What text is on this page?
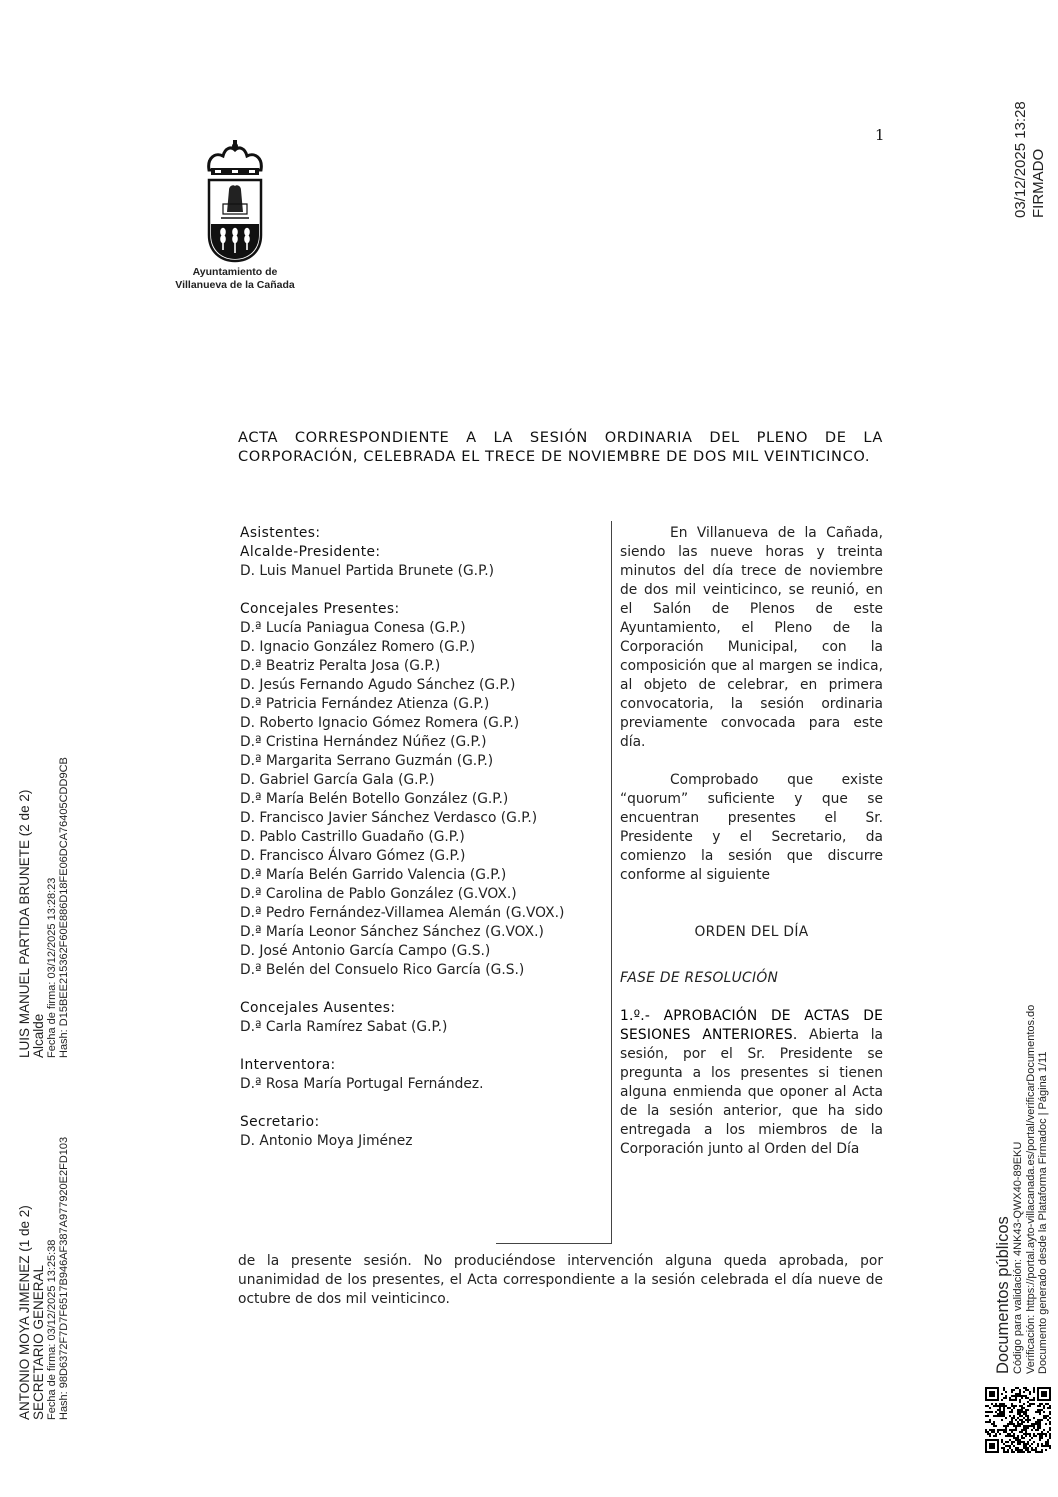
1
Ayuntamiento de
Villanueva de la Cañada
ACTA CORRESPONDIENTE A LA SESIÓN ORDINARIA DEL PLENO DE LA CORPORACIÓN, CELEBRADA EL TRECE DE NOVIEMBRE DE DOS MIL VEINTICINCO.
Asistentes:
Alcalde-Presidente:
D. Luis Manuel Partida Brunete (G.P.)
Concejales Presentes:
D.ª Lucía Paniagua Conesa (G.P.)
D. Ignacio González Romero (G.P.)
D.ª Beatriz Peralta Josa (G.P.)
D. Jesús Fernando Agudo Sánchez (G.P.)
D.ª Patricia Fernández Atienza (G.P.)
D. Roberto Ignacio Gómez Romera (G.P.)
D.ª Cristina Hernández Núñez (G.P.)
D.ª Margarita Serrano Guzmán (G.P.)
D. Gabriel García Gala (G.P.)
D.ª María Belén Botello González (G.P.)
D. Francisco Javier Sánchez Verdasco (G.P.)
D. Pablo Castrillo Guadaño (G.P.)
D. Francisco Álvaro Gómez (G.P.)
D.ª María Belén Garrido Valencia (G.P.)
D.ª Carolina de Pablo González (G.VOX.)
D.ª Pedro Fernández-Villamea Alemán (G.VOX.)
D.ª María Leonor Sánchez Sánchez (G.VOX.)
D. José Antonio García Campo (G.S.)
D.ª Belén del Consuelo Rico García (G.S.)
Concejales Ausentes:
D.ª Carla Ramírez Sabat (G.P.)
Interventora:
D.ª Rosa María Portugal Fernández.
Secretario:
D. Antonio Moya Jiménez

En Villanueva de la Cañada, siendo las nueve horas y treinta minutos del día trece de noviembre de dos mil veinticinco, se reunió, en el Salón de Plenos de este Ayuntamiento, el Pleno de la Corporación Municipal, con la composición que al margen se indica, al objeto de celebrar, en primera convocatoria, la sesión ordinaria previamente convocada para este día.

Comprobado que existe “quorum” suficiente y que se encuentran presentes el Sr. Presidente y el Secretario, da comienzo la sesión que discurre conforme al siguiente

ORDEN DEL DÍA

FASE DE RESOLUCIÓN

1.º.- APROBACIÓN DE ACTAS DE SESIONES ANTERIORES. Abierta la sesión, por el Sr. Presidente se pregunta a los presentes si tienen alguna enmienda que oponer al Acta de la sesión anterior, que ha sido entregada a los miembros de la Corporación junto al Orden del Día

de la presente sesión. No produciéndose intervención alguna queda aprobada, por unanimidad de los presentes, el Acta correspondiente a la sesión celebrada el día nueve de octubre de dos mil veinticinco.
03/12/2025 13:28 FIRMADO
ANTONIO MOYA JIMENEZ (1 de 2) SECRETARIO GENERAL Fecha de firma: 03/12/2025 13:25:38 Hash: 98D6372F7D7F6517B946AF387A977920E2FD103
LUIS MANUEL PARTIDA BRUNETE (2 de 2) Alcalde Fecha de firma: 03/12/2025 13:28:23 Hash: D15BEE215362F60E886D18FE06DCA76405CDD9CB
Documentos públicos Código para validación: 4NK43-QWX40-89EKU Verificación: https://portal.ayto-villacanada.es/portal/verificarDocumentos.do Documento generado desde la Plataforma Firmadoc | Página 1/11
